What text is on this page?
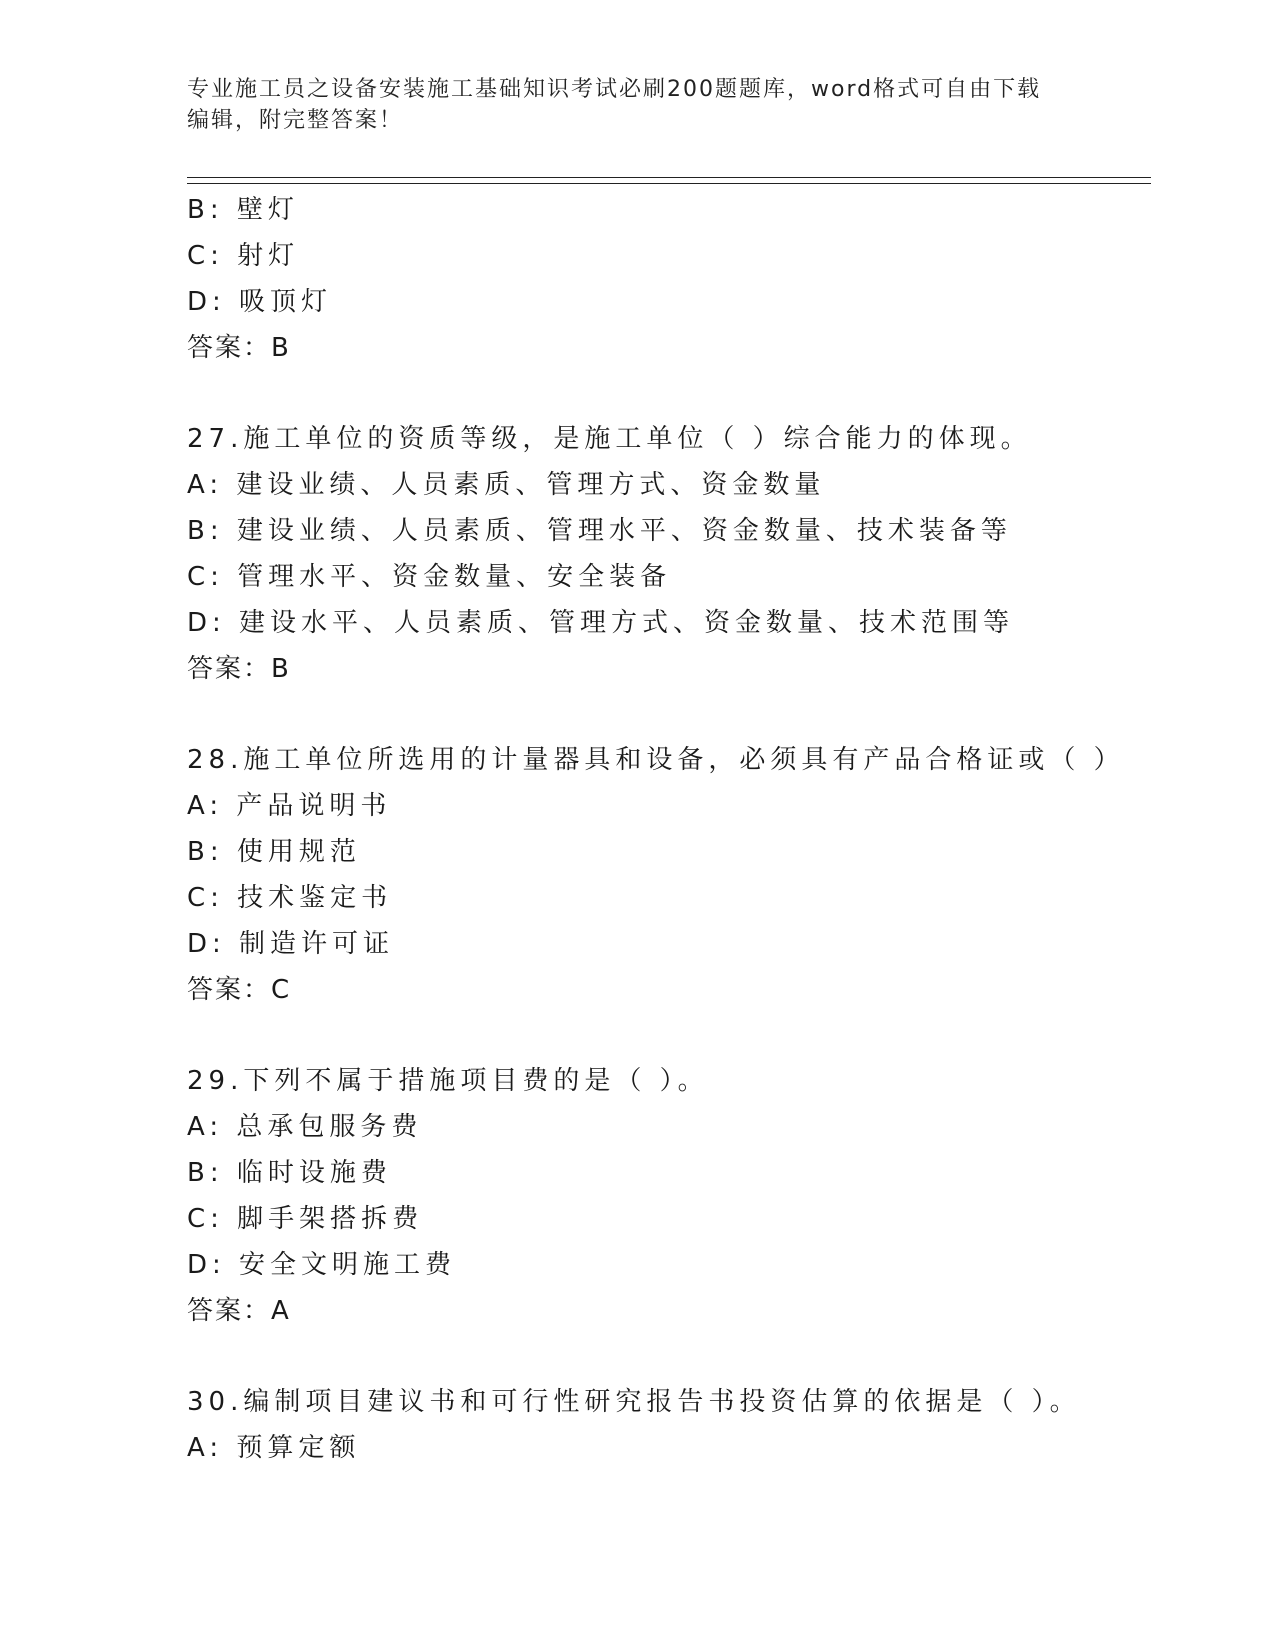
专业施工员之设备安装施工基础知识考试必刷200题题库，word格式可自由下载
编辑，附完整答案！
B: 壁灯
C: 射灯
D: 吸顶灯
答案：B
27.施工单位的资质等级，是施工单位（ ）综合能力的体现。
A: 建设业绩、人员素质、管理方式、资金数量
B: 建设业绩、人员素质、管理水平、资金数量、技术装备等
C: 管理水平、资金数量、安全装备
D: 建设水平、人员素质、管理方式、资金数量、技术范围等
答案：B
28.施工单位所选用的计量器具和设备，必须具有产品合格证或（ ）
A: 产品说明书
B: 使用规范
C: 技术鉴定书
D: 制造许可证
答案：C
29.下列不属于措施项目费的是（ ）。
A: 总承包服务费
B: 临时设施费
C: 脚手架搭拆费
D: 安全文明施工费
答案：A
30.编制项目建议书和可行性研究报告书投资估算的依据是（ ）。
A: 预算定额
